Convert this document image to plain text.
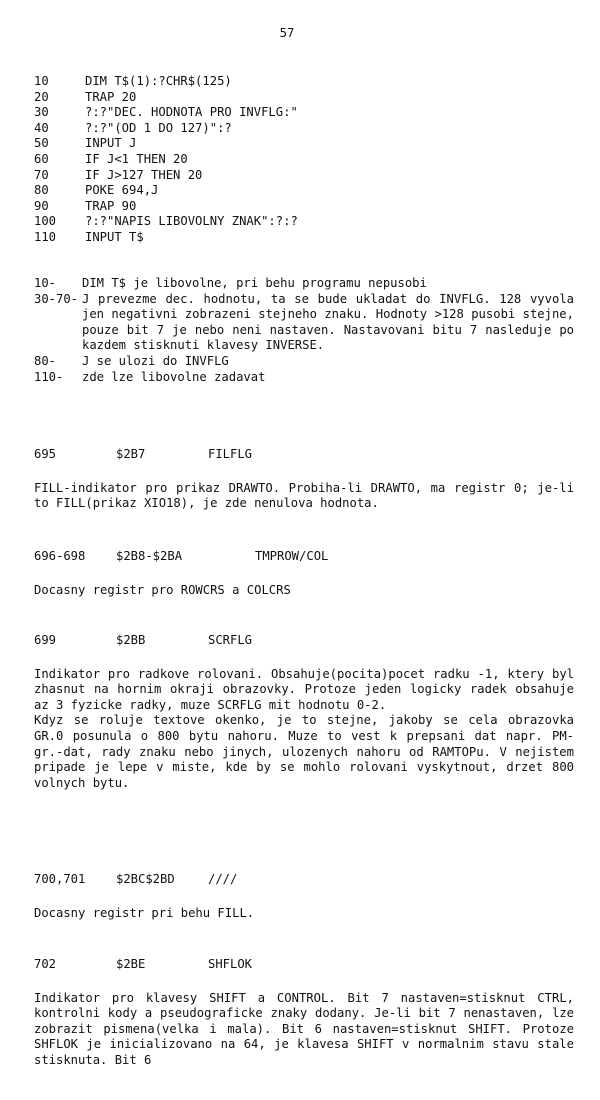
57
10	DIM T$(1):?CHR$(125)
20	TRAP 20
30	?:?"DEC. HODNOTA PRO INVFLG:"
40	?:?"(OD 1 DO 127)":?
50	INPUT J
60	IF J<1 THEN 20
70	IF J>127 THEN 20
80	POKE 694,J
90	TRAP 90
100	?:?"NAPIS LIBOVOLNY ZNAK":?:?
110	INPUT T$
10-	DIM T$ je libovolne, pri behu programu nepusobi
30-70- J prevezme dec. hodnotu, ta se bude ukladat do INVFLG. 128 vyvola jen negativni zobrazeni stejneho znaku. Hodnoty >128 pusobi stejne, pouze bit 7 je nebo neni nastaven. Nastavovani bitu 7 nasleduje po kazdem stisknuti klavesy INVERSE.
80-	J se ulozi do INVFLG
110-	zde lze libovolne zadavat
695	$2B7	FILFLG

FILL-indikator pro prikaz DRAWTO. Probiha-li DRAWTO, ma registr 0; je-li to FILL(prikaz XIO18), je zde nenulova hodnota.

696-698	$2B8-$2BA	TMPROW/COL

Docasny registr pro ROWCRS a COLCRS

699	$2BB	SCRFLG

Indikator pro radkove rolovani. Obsahuje(pocita)pocet radku -1, ktery byl zhasnut na hornim okraji obrazovky. Protoze jeden logicky radek obsahuje az 3 fyzicke radky, muze SCRFLG mit hodnotu 0-2.

Kdyz se roluje textove okenko, je to stejne, jakoby se cela obrazovka GR.0 posunula o 800 bytu nahoru. Muze to vest k prepsani dat napr. PM-gr.-dat, rady znaku nebo jinych, ulozenych nahoru od RAMTOPu. V nejistem pripade je lepe v miste, kde by se mohlo rolovani vyskytnout, drzet 800 volnych bytu.

700,701	$2BC$2BD	////

Docasny registr pri behu FILL.

702	$2BE	SHFLOK

Indikator pro klavesy SHIFT a CONTROL. Bit 7 nastaven=stisknut CTRL, kontrolni kody a pseudograficke znaky dodany. Je-li bit 7 nenastaven, lze zobrazit pismena(velka i mala). Bit 6 nastaven=stisknut SHIFT. Protoze SHFLOK je inicializovano na 64, je klavesa SHIFT v normalnim stavu stale stisknuta. Bit 6
